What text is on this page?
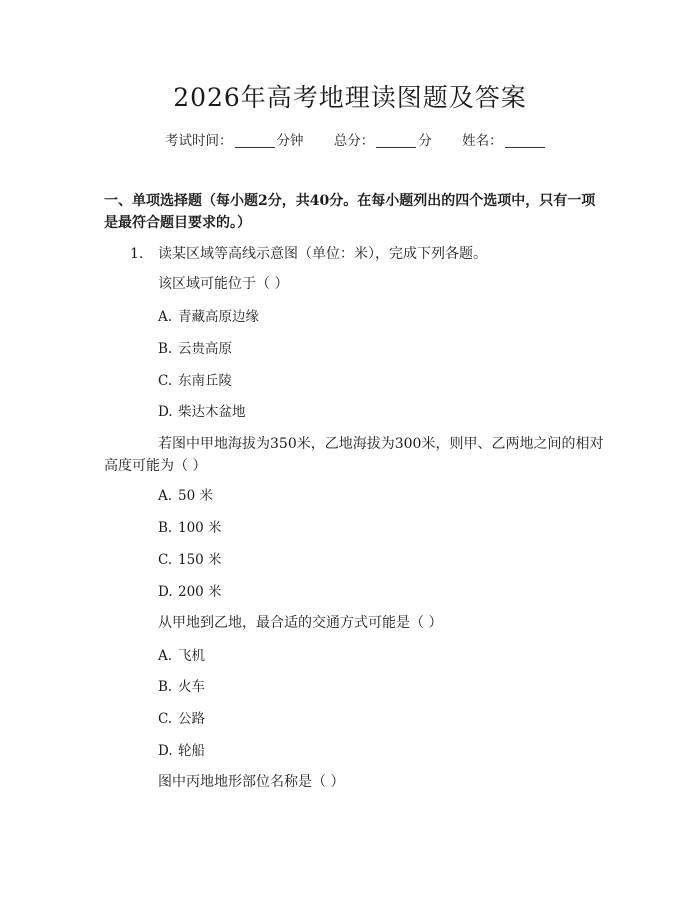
2026年高考地理读图题及答案
考试时间：	分钟 总分：	分 姓名：
一、单项选择题（每小题2分，共40分。在每小题列出的四个选项中，只有一项是最符合题目要求的。）
1. 读某区域等高线示意图（单位：米），完成下列各题。
该区域可能位于（ ）
A. 青藏高原边缘
B. 云贵高原
C. 东南丘陵
D. 柴达木盆地
若图中甲地海拔为350米，乙地海拔为300米，则甲、乙两地之间的相对高度可能为（ ）
A. 50 米
B. 100 米
C. 150 米
D. 200 米
从甲地到乙地，最合适的交通方式可能是（ ）
A. 飞机
B. 火车
C. 公路
D. 轮船
图中丙地地形部位名称是（ ）
